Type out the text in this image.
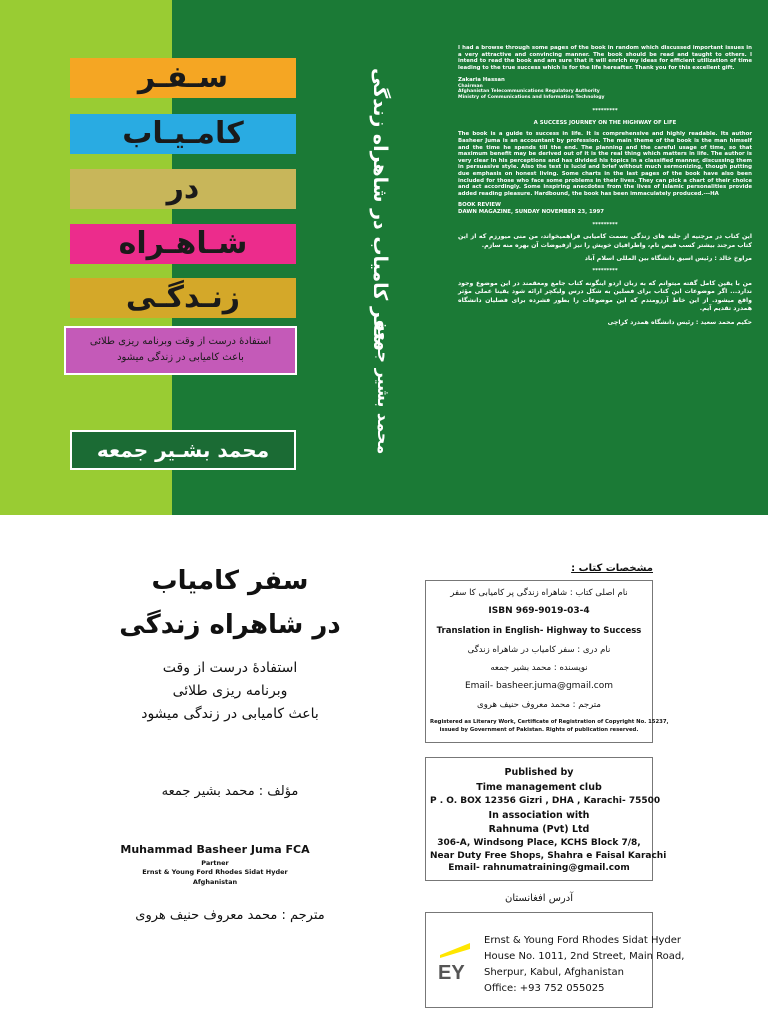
سـفـر
کامـیـاب
در
شـاهـراه
زنـدگـی
استفادۀ درست از وقت وبرنامه ریزی طلائی
باعث کامیابی در زندگی میشود
محمد بشـیر جمعه
سفر کامیاب در شاهراه زندگی
محمد بشیر جمعه

I had a browse through some pages of the book in random which discussed important issues in a very attractive and convincing manner. The book should be read and taught to others. I intend to read the book and am sure that it will enrich my ideas for efficient utilization of time leading to the true success which is for the life hereafter. Thank you for this excellent gift.

Zakaria Hassan
Chairman
Afghanistan Telecommunications Regulatory Authority
Ministry of Communications and Information Technology

*********

A SUCCESS JOURNEY ON THE HIGHWAY OF LIFE

The book is a guide to success in life. It is comprehensive and highly readable. Its author Basheer Juma is an accountant by profession. The main theme of the book is the man himself and the time he spends till the end. The planning and the careful usage of time, so that maximum benefit may be derived out of it is the real thing which matters in life. The author is very clear in his perceptions and has divided his topics in a classified manner, discussing them in persuasive style. Also the text is lucid and brief without much sermonizing, though putting due emphasis on honest living. Some charts in the last pages of the book have also been included for those who face some problems in their lives. They can pick a chart of their choice and act accordingly. Some inspiring anecdotes from the lives of Islamic personalities provide added reading pleasure. Hardbound, the book has been immaculately produced.---HA

BOOK REVIEW
DAWN MAGAZINE, SUNDAY NOVEMBER 23, 1997

*********

این کتاب در مرجنیه از جلبه های زندگی بسمت کامیابی فراهمیخواند، من منی میورزم که از این کتاب مرجند بیشتر کسب فیض تام، واطرافیان خویش را نیز ازفیوضات آن بهره منه سازم.

مراوخ خالد : رئیس اسبق دانشگاه بین المللی اسلام آباد

*********

من با یقین کامل گفته میتوانم که به زبان اردو اینگونه کتاب جامع ومعقمند در این موضوع وجود ندارد... اگر موضوعات این کتاب برای فصلین به شکل درس ولیکچر ارائه شود یقینا عملی مؤثر واقع میشود. از این خاط آرزومندم که این موضوعات را بطور فشرده برای فصلیان دانشگاه همدرد تقدیم آیم.

حکیم محمد سعید : رئیس دانشگاه همدرد کراچی

سفر کامیاب
در شاهراه زندگی
استفادۀ درست از وقت
وبرنامه ریزی طلائی
باعث کامیابی در زندگی میشود
مؤلف : محمد بشیر جمعه
Muhammad Basheer Juma FCA
Partner
Ernst & Young Ford Rhodes Sidat Hyder
Afghanistan
مترجم : محمد معروف حنیف هروی
مشخصات کتاب :
نام اصلی کتاب : شاهراه زندگی پر کامیابی کا سفر
ISBN 969-9019-03-4
Translation in English- Highway to Success
نام دری : سفر کامیاب در شاهراه زندگی
نویسنده : محمد بشیر جمعه
Email- basheer.juma@gmail.com
مترجم : محمد معروف حنیف هروی
Registered as Literary Work, Certificate of Registration of Copyright No. 15237,
issued by Government of Pakistan. Rights of publication reserved.
Published by
Time management club
P . O. BOX 12356 Gizri , DHA , Karachi- 75500
In association with
Rahnuma (Pvt) Ltd
306-A, Windsong Place, KCHS Block 7/8,
Near Duty Free Shops, Shahra e Faisal Karachi
Email- rahnumatraining@gmail.com
آدرس افغانستان
EY
Ernst & Young Ford Rhodes Sidat Hyder
House No. 1011, 2nd Street, Main Road,
Sherpur, Kabul, Afghanistan
Office: +93 752 055025
